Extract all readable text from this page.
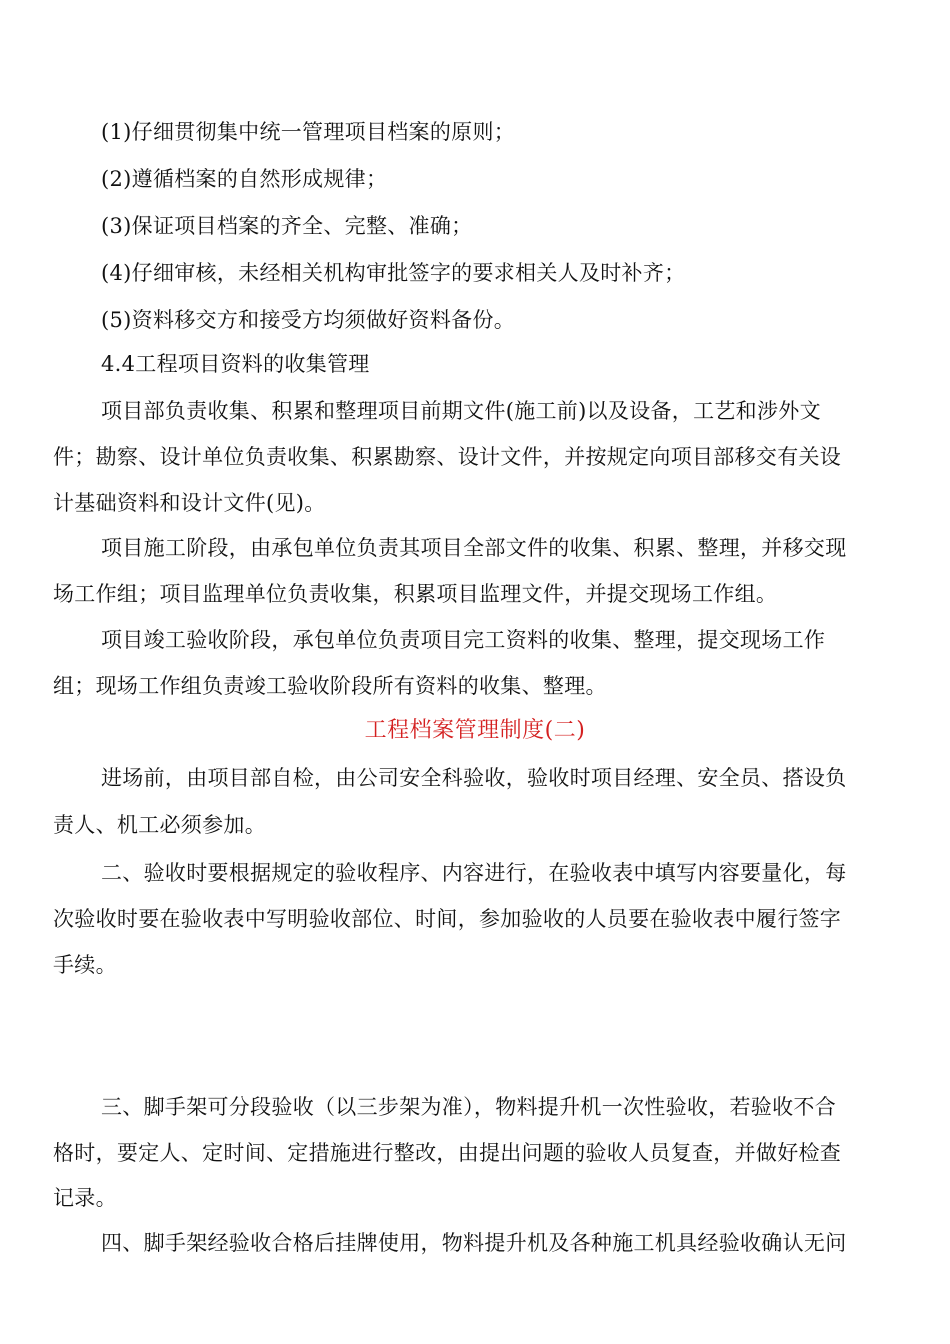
(1)仔细贯彻集中统一管理项目档案的原则；
(2)遵循档案的自然形成规律；
(3)保证项目档案的齐全、完整、准确；
(4)仔细审核，未经相关机构审批签字的要求相关人及时补齐；
(5)资料移交方和接受方均须做好资料备份。
4.4工程项目资料的收集管理
项目部负责收集、积累和整理项目前期文件(施工前)以及设备，工艺和涉外文
件；勘察、设计单位负责收集、积累勘察、设计文件，并按规定向项目部移交有关设
计基础资料和设计文件(见)。
项目施工阶段，由承包单位负责其项目全部文件的收集、积累、整理，并移交现
场工作组；项目监理单位负责收集，积累项目监理文件，并提交现场工作组。
项目竣工验收阶段，承包单位负责项目完工资料的收集、整理，提交现场工作
组；现场工作组负责竣工验收阶段所有资料的收集、整理。
工程档案管理制度(二)
进场前，由项目部自检，由公司安全科验收，验收时项目经理、安全员、搭设负
责人、机工必须参加。
二、验收时要根据规定的验收程序、内容进行，在验收表中填写内容要量化，每
次验收时要在验收表中写明验收部位、时间，参加验收的人员要在验收表中履行签字
手续。
三、脚手架可分段验收（以三步架为准），物料提升机一次性验收，若验收不合
格时，要定人、定时间、定措施进行整改，由提出问题的验收人员复查，并做好检查
记录。
四、脚手架经验收合格后挂牌使用，物料提升机及各种施工机具经验收确认无问
